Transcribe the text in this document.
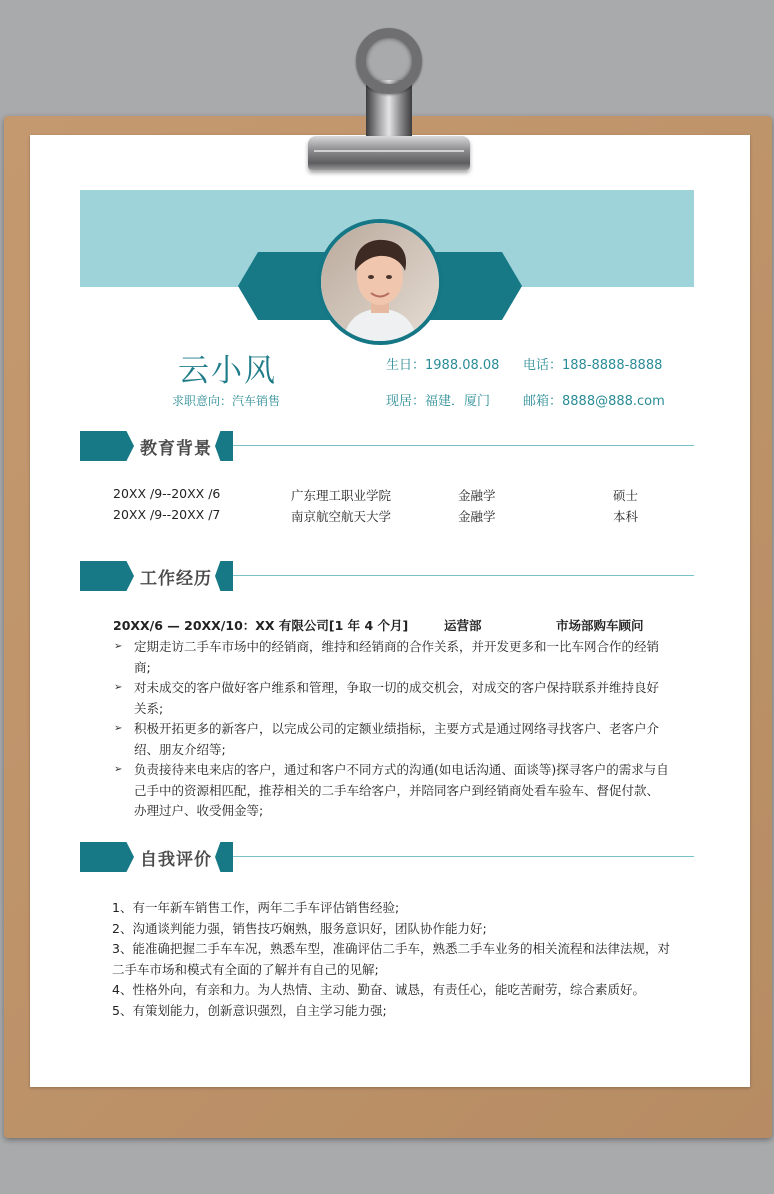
云小风
求职意向：汽车销售
生日：1988.08.08 电话：188-8888-8888
现居：福建．厦门	邮箱：8888@888.com
教育背景
20XX /9--20XX /6	广东理工职业学院	金融学	硕士
20XX /9--20XX /7	南京航空航天大学	金融学	本科
工作经历
20XX/6 — 20XX/10：XX 有限公司[1 年 4 个月]	运营部	市场部购车顾问
➢ 定期走访二手车市场中的经销商，维持和经销商的合作关系，并开发更多和一比车网合作的经销商;
➢ 对未成交的客户做好客户维系和管理，争取一切的成交机会，对成交的客户保持联系并维持良好关系;
➢ 积极开拓更多的新客户，以完成公司的定额业绩指标，主要方式是通过网络寻找客户、老客户介绍、朋友介绍等;
➢ 负责接待来电来店的客户，通过和客户不同方式的沟通(如电话沟通、面谈等)探寻客户的需求与自己手中的资源相匹配，推荐相关的二手车给客户，并陪同客户到经销商处看车验车、督促付款、办理过户、收受佣金等;
自我评价
1、有一年新车销售工作，两年二手车评估销售经验;
2、沟通谈判能力强，销售技巧娴熟，服务意识好，团队协作能力好;
3、能准确把握二手车车况，熟悉车型，准确评估二手车，熟悉二手车业务的相关流程和法律法规，对二手车市场和模式有全面的了解并有自己的见解;
4、性格外向，有亲和力。为人热情、主动、勤奋、诚恳，有责任心，能吃苦耐劳，综合素质好。
5、有策划能力，创新意识强烈，自主学习能力强;
